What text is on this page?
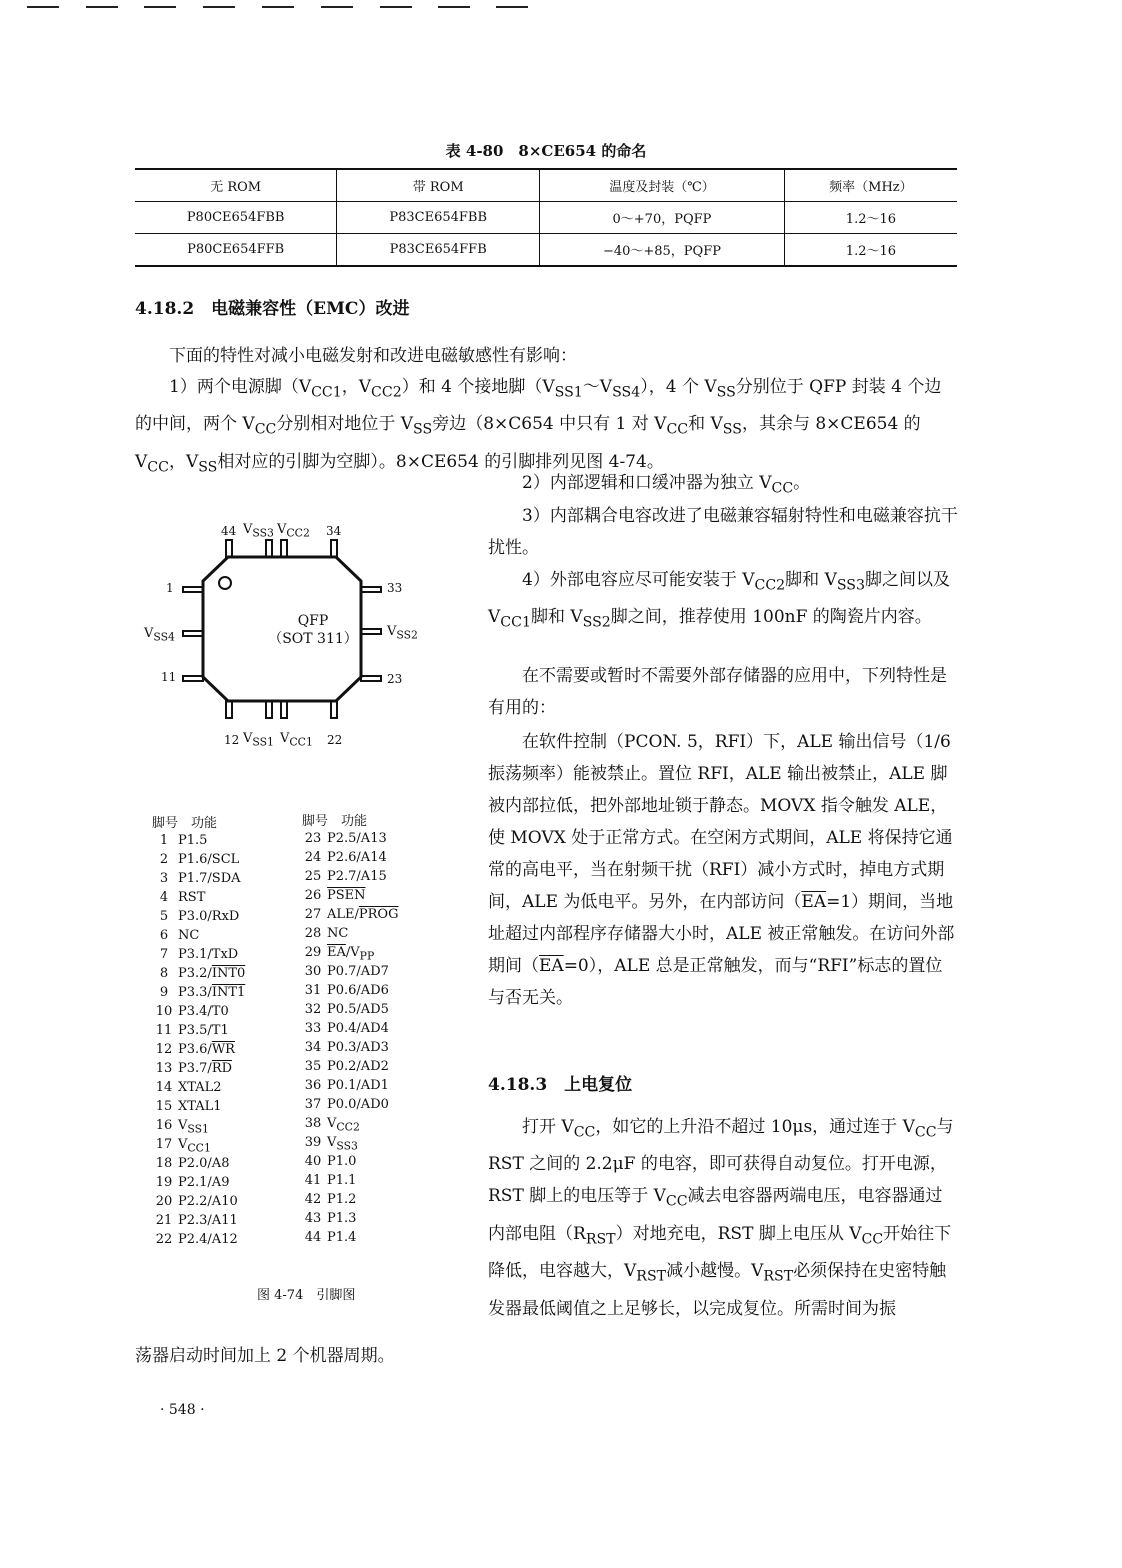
表 4-80　8×CE654 的命名
无 ROM	带 ROM	温度及封装（℃）	频率（MHz）
P80CE654FBB	P83CE654FBB	0～+70，PQFP	1.2～16
P80CE654FFB	P83CE654FFB	−40～+85，PQFP	1.2～16
4.18.2　电磁兼容性（EMC）改进
下面的特性对减小电磁发射和改进电磁敏感性有影响：
1）两个电源脚（$V_{CC1}$，$V_{CC2}$）和 4 个接地脚$(V_{SS1}\sim V_{SS4})$，4 个 $V_{SS}$分别位于 QFP 封装 4 个边的中间，两个 $V_{CC}$分别相对地位于 $V_{SS}$旁边（8×C654 中只有 1 对 $V_{CC}$和 $V_{SS}$，其余与 8×CE654 的 $V_{CC}$，$V_{SS}$相对应的引脚为空脚）。8×CE654 的引脚排列见图 4-74。
2）内部逻辑和口缓冲器为独立 $V_{CC}$。
3）内部耦合电容改进了电磁兼容辐射特性和电磁兼容抗干扰性。
4）外部电容应尽可能安装于 $V_{CC2}$脚和 $V_{SS3}$脚之间以及 $V_{CC1}$脚和 $V_{SS2}$脚之间，推荐使用 100nF 的陶瓷片内容。
在不需要或暂时不需要外部存储器的应用中，下列特性是有用的：
在软件控制（PCON. 5，RFI）下，ALE 输出信号（1/6 振荡频率）能被禁止。置位 RFI，ALE 输出被禁止，ALE 脚被内部拉低，把外部地址锁于静态。MOVX 指令触发 ALE，使 MOVX 处于正常方式。在空闲方式期间，ALE 将保持它通常的高电平，当在射频干扰（RFI）减小方式时，掉电方式期间，ALE 为低电平。另外，在内部访问$(\overline{EA}=1)$期间，当地址超过内部程序存储器大小时，ALE 被正常触发。在访问外部期间$(\overline{EA}=0)$，ALE 总是正常触发，而与“RFI”标志的置位与否无关。
4.18.3　上电复位
打开 $V_{CC}$，如它的上升沿不超过 10μs，通过连于 $V_{CC}$与 RST 之间的 2.2μF 的电容，即可获得自动复位。打开电源，RST 脚上的电压等于 $V_{CC}$减去电容器两端电压，电容器通过内部电阻$(R_{RST})$对地充电，RST 脚上电压从 $V_{CC}$开始往下降低，电容越大，$V_{RST}$减小越慢。$V_{RST}$必须保持在史密特触发器最低阈值之上足够长，以完成复位。所需时间为振
荡器启动时间加上 2 个机器周期。
QFP
（SOT 311）
44 $V_{SS3}$ $V_{CC2}$ 34
1	33
$V_{SS4}$	$V_{SS2}$
11	23
12 $V_{SS1}$ $V_{CC1}$ 22
脚号　功能	脚号　功能
1 P1.5
2 P1.6/SCL
3 P1.7/SDA
4 RST
5 P3.0/RxD
6 NC
7 P3.1/TxD
8 P3.2/INT0
9 P3.3/INT1
10 P3.4/T0
11 P3.5/T1
12 $P3.6/\overline{WR}$
13 $P3.7/\overline{RD}$
14 XTAL2
15 XTAL1
16 $V_{SS1}$
17 $V_{CC1}$
18 P2.0/A8
19 P2.1/A9
20 P2.2/A10
21 P2.3/A11
22 P2.4/A12
23 P2.5/A13
24 P2.6/A14
25 P2.7/A15
26 PSEN
27 ALE/PROG
28 NC
29 $\overline{EA}/V_{PP}$
30 P0.7/AD7
31 P0.6/AD6
32 P0.5/AD5
33 P0.4/AD4
34 P0.3/AD3
35 P0.2/AD2
36 P0.1/AD1
37 P0.0/AD0
38 $V_{CC2}$
39 $V_{SS3}$
40 P1.0
41 P1.1
42 P1.2
43 P1.3
44 P1.4
图 4-74　引脚图
· 548 ·
